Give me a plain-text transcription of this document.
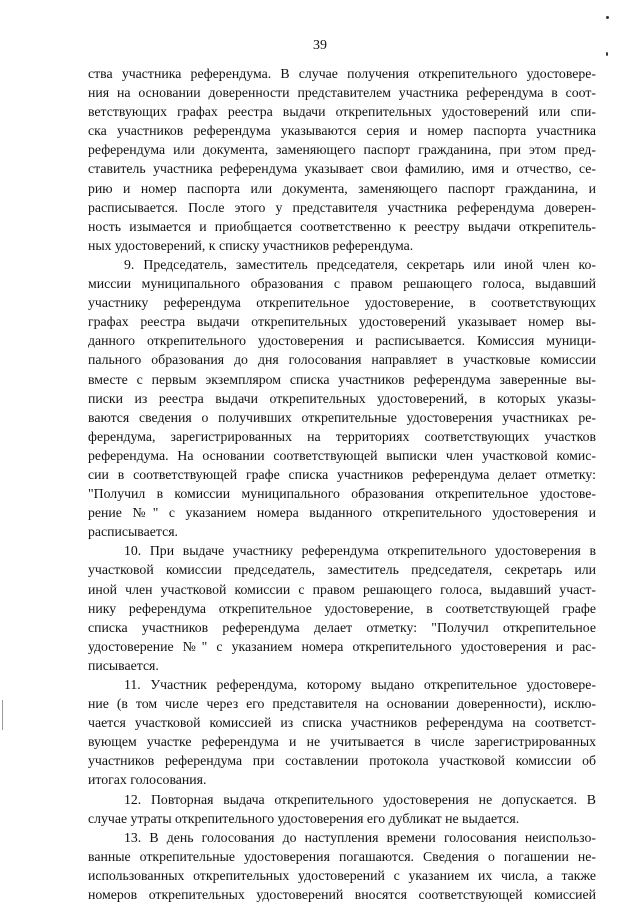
39
ства участника референдума. В случае получения открепительного удостовере-
ния на основании доверенности представителем участника референдума в соот-
ветствующих графах реестра выдачи открепительных удостоверений или спи-
ска участников референдума указываются серия и номер паспорта участника
референдума или документа, заменяющего паспорт гражданина, при этом пред-
ставитель участника референдума указывает свои фамилию, имя и отчество, се-
рию и номер паспорта или документа, заменяющего паспорт гражданина, и
расписывается. После этого у представителя участника референдума доверен-
ность изымается и приобщается соответственно к реестру выдачи открепитель-
ных удостоверений, к списку участников референдума.
9. Председатель, заместитель председателя, секретарь или иной член ко-
миссии муниципального образования с правом решающего голоса, выдавший
участнику референдума открепительное удостоверение, в соответствующих
графах реестра выдачи открепительных удостоверений указывает номер вы-
данного открепительного удостоверения и расписывается. Комиссия муници-
пального образования до дня голосования направляет в участковые комиссии
вместе с первым экземпляром списка участников референдума заверенные вы-
писки из реестра выдачи открепительных удостоверений, в которых указы-
ваются сведения о получивших открепительные удостоверения участниках ре-
ферендума, зарегистрированных на территориях соответствующих участков
референдума. На основании соответствующей выписки член участковой комис-
сии в соответствующей графе списка участников референдума делает отметку:
"Получил в комиссии муниципального образования открепительное удостове-
рение №" с указанием номера выданного открепительного удостоверения и
расписывается.
10. При выдаче участнику референдума открепительного удостоверения в
участковой комиссии председатель, заместитель председателя, секретарь или
иной член участковой комиссии с правом решающего голоса, выдавший участ-
нику референдума открепительное удостоверение, в соответствующей графе
списка участников референдума делает отметку: "Получил открепительное
удостоверение №" с указанием номера открепительного удостоверения и рас-
писывается.
11. Участник референдума, которому выдано открепительное удостовере-
ние (в том числе через его представителя на основании доверенности), исклю-
чается участковой комиссией из списка участников референдума на соответст-
вующем участке референдума и не учитывается в числе зарегистрированных
участников референдума при составлении протокола участковой комиссии об
итогах голосования.
12. Повторная выдача открепительного удостоверения не допускается. В
случае утраты открепительного удостоверения его дубликат не выдается.
13. В день голосования до наступления времени голосования неиспользо-
ванные открепительные удостоверения погашаются. Сведения о погашении не-
использованных открепительных удостоверений с указанием их числа, а также
номеров открепительных удостоверений вносятся соответствующей комиссией
